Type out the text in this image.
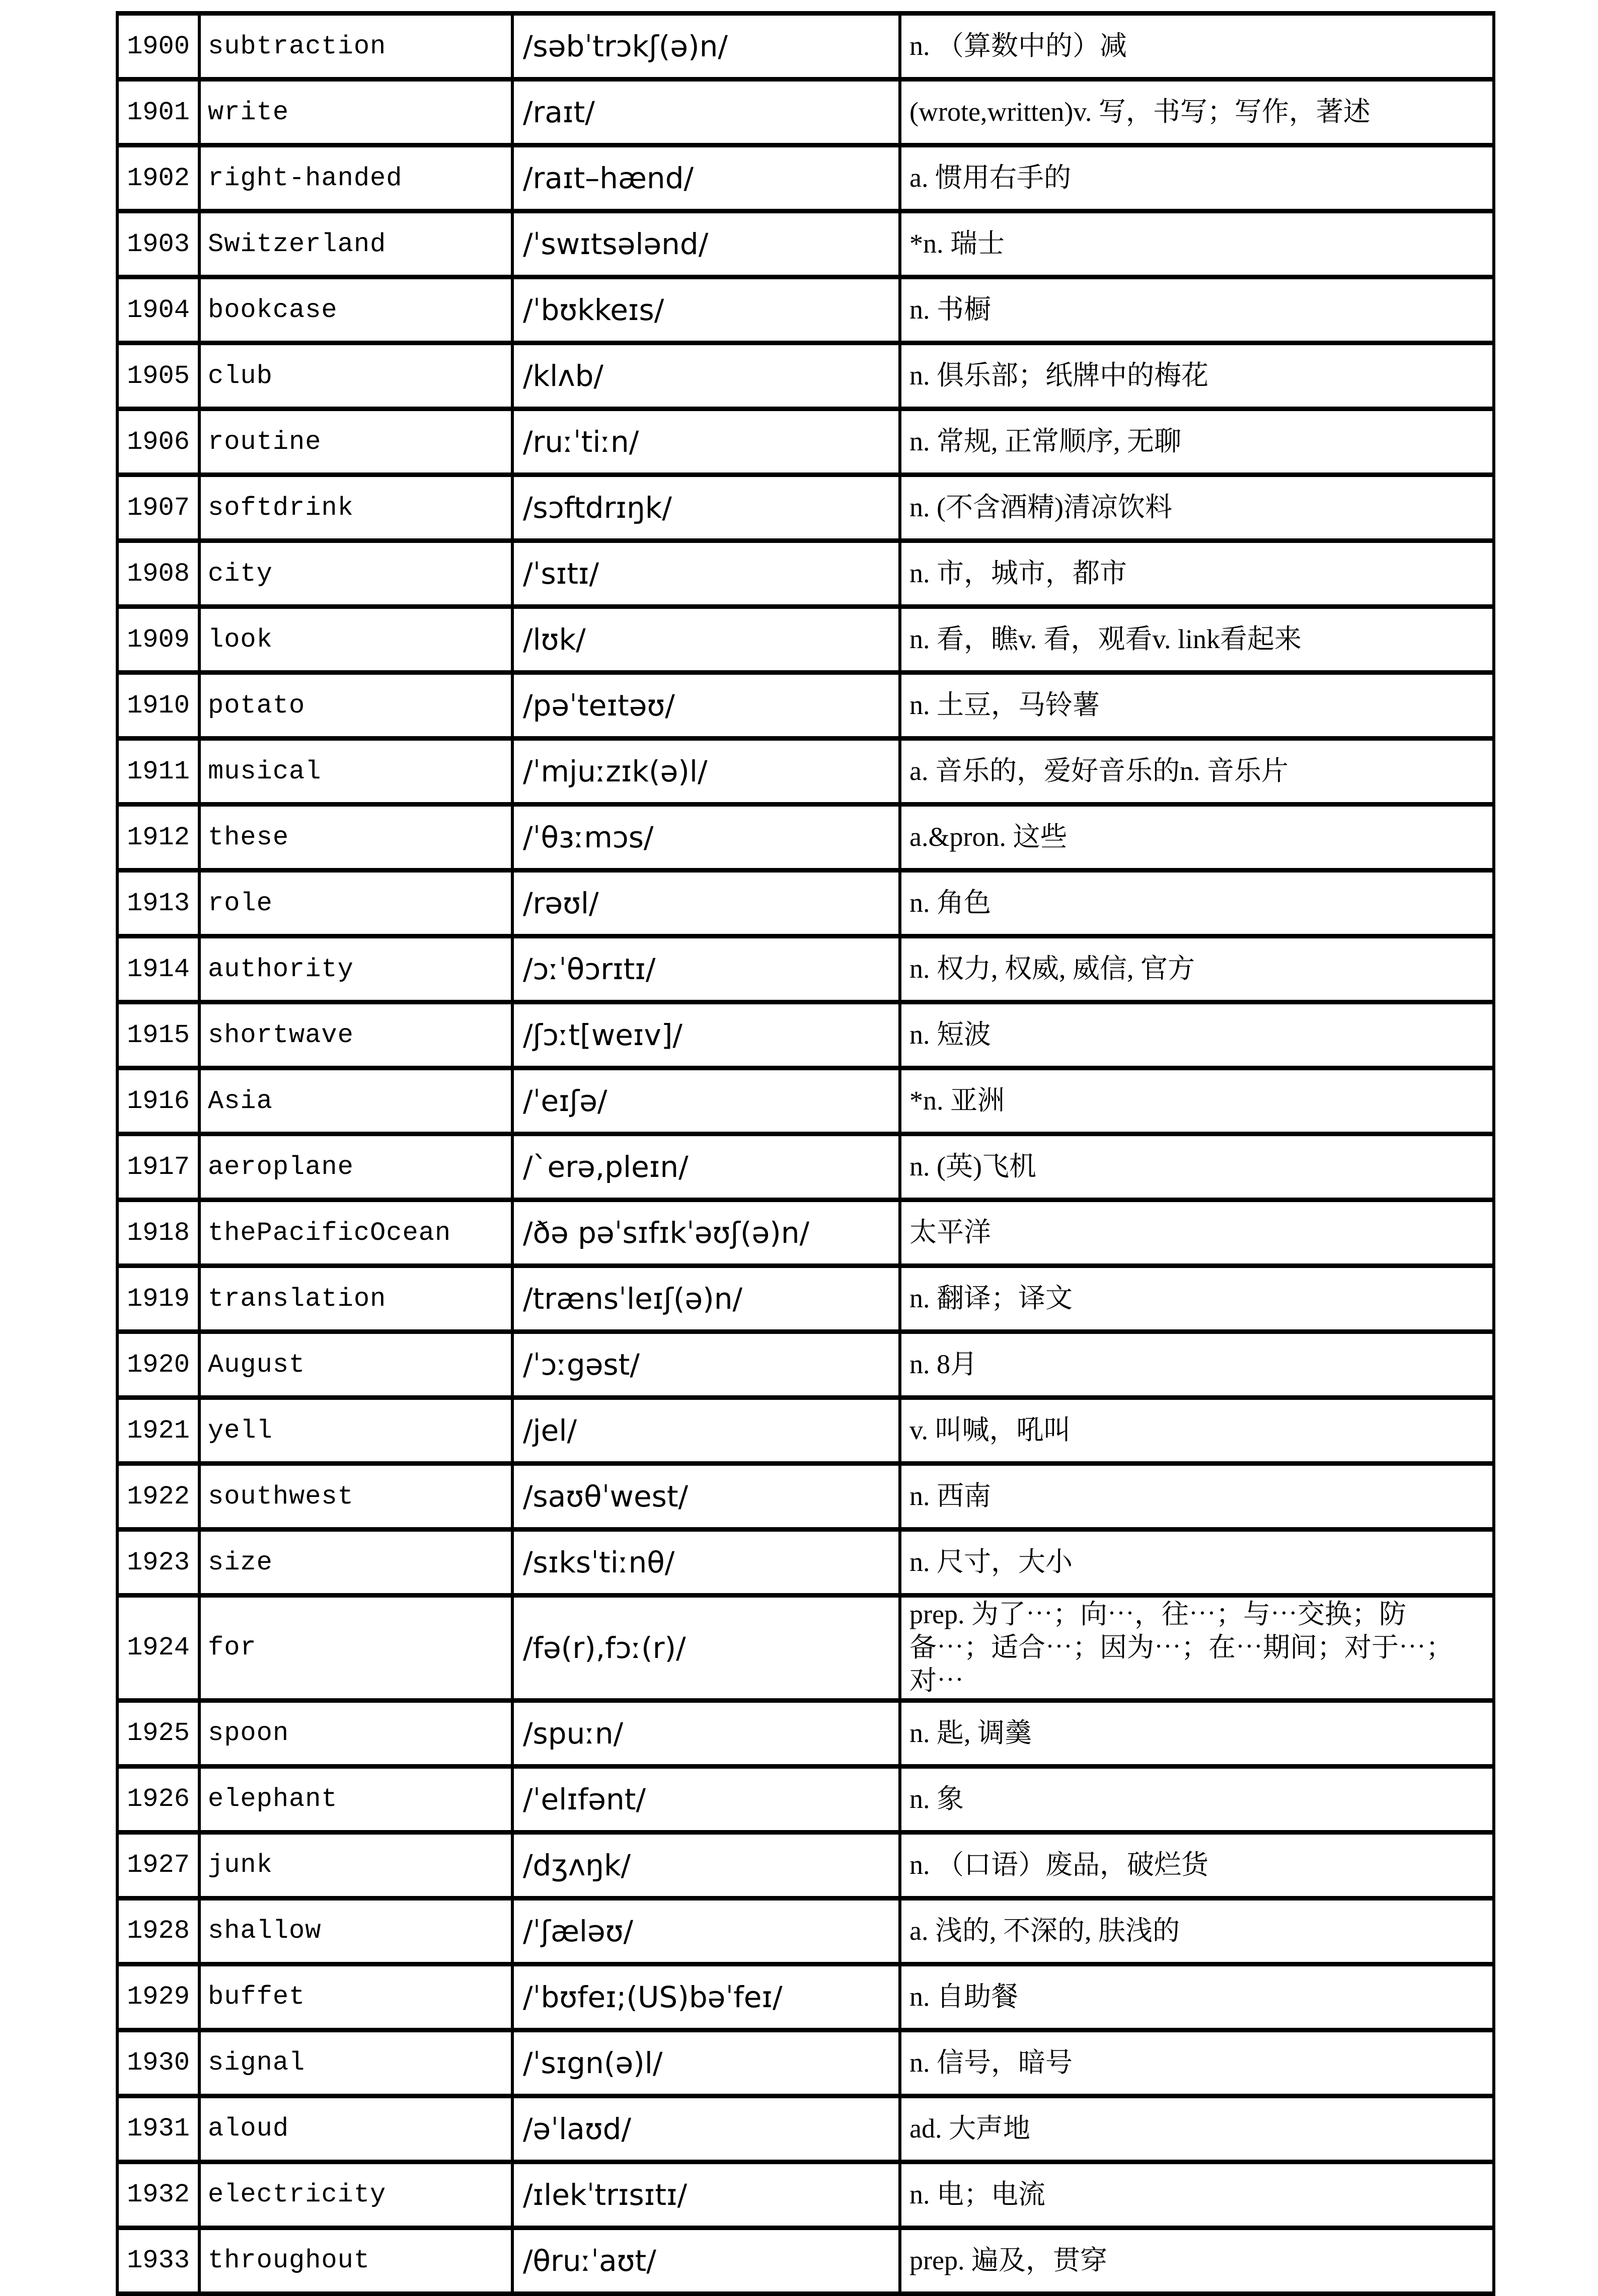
1900	subtraction	/səbˈtrɔkʃ(ə)n/	n. （算数中的）减
1901	write	/raɪt/	(wrote,written)v. 写，书写；写作，著述
1902	right-handed	/raɪt–hænd/	a. 惯用右手的
1903	Switzerland	/ˈswɪtsələnd/	*n. 瑞士
1904	bookcase	/ˈbʊkkeɪs/	n. 书橱
1905	club	/klʌb/	n. 俱乐部；纸牌中的梅花
1906	routine	/ruːˈtiːn/	n. 常规, 正常顺序, 无聊
1907	softdrink	/sɔftdrɪŋk/	n. (不含酒精)清凉饮料
1908	city	/ˈsɪtɪ/	n. 市，城市，都市
1909	look	/lʊk/	n. 看，瞧v. 看，观看v. link看起来
1910	potato	/pəˈteɪtəʊ/	n. 土豆，马铃薯
1911	musical	/ˈmjuːzɪk(ə)l/	a. 音乐的，爱好音乐的n. 音乐片
1912	these	/ˈθɜːmɔs/	a.&pron. 这些
1913	role	/rəʊl/	n. 角色
1914	authority	/ɔːˈθɔrɪtɪ/	n. 权力, 权威, 威信, 官方
1915	shortwave	/ʃɔːt[weɪv]/	n. 短波
1916	Asia	/ˈeɪʃə/	*n. 亚洲
1917	aeroplane	/`erə,pleɪn/	n. (英)飞机
1918	thePacificOcean	/ðə pəˈsɪfɪkˈəʊʃ(ə)n/	太平洋
1919	translation	/trænsˈleɪʃ(ə)n/	n. 翻译；译文
1920	August	/ˈɔːgəst/	n. 8月
1921	yell	/jel/	v. 叫喊，吼叫
1922	southwest	/saʊθˈwest/	n. 西南
1923	size	/sɪksˈtiːnθ/	n. 尺寸，大小
1924	for	/fə(r),fɔː(r)/	prep. 为了⋯；向⋯，往⋯；与⋯交换；防备⋯；适合⋯；因为⋯；在⋯期间；对于⋯；对⋯
1925	spoon	/spuːn/	n. 匙, 调羹
1926	elephant	/ˈelɪfənt/	n. 象
1927	junk	/dʒʌŋk/	n. （口语）废品，破烂货
1928	shallow	/ˈʃæləʊ/	a. 浅的, 不深的, 肤浅的
1929	buffet	/ˈbʊfeɪ;(US)bəˈfeɪ/	n. 自助餐
1930	signal	/ˈsɪgn(ə)l/	n. 信号，暗号
1931	aloud	/əˈlaʊd/	ad. 大声地
1932	electricity	/ɪlekˈtrɪsɪtɪ/	n. 电；电流
1933	throughout	/θruːˈaʊt/	prep. 遍及，贯穿
